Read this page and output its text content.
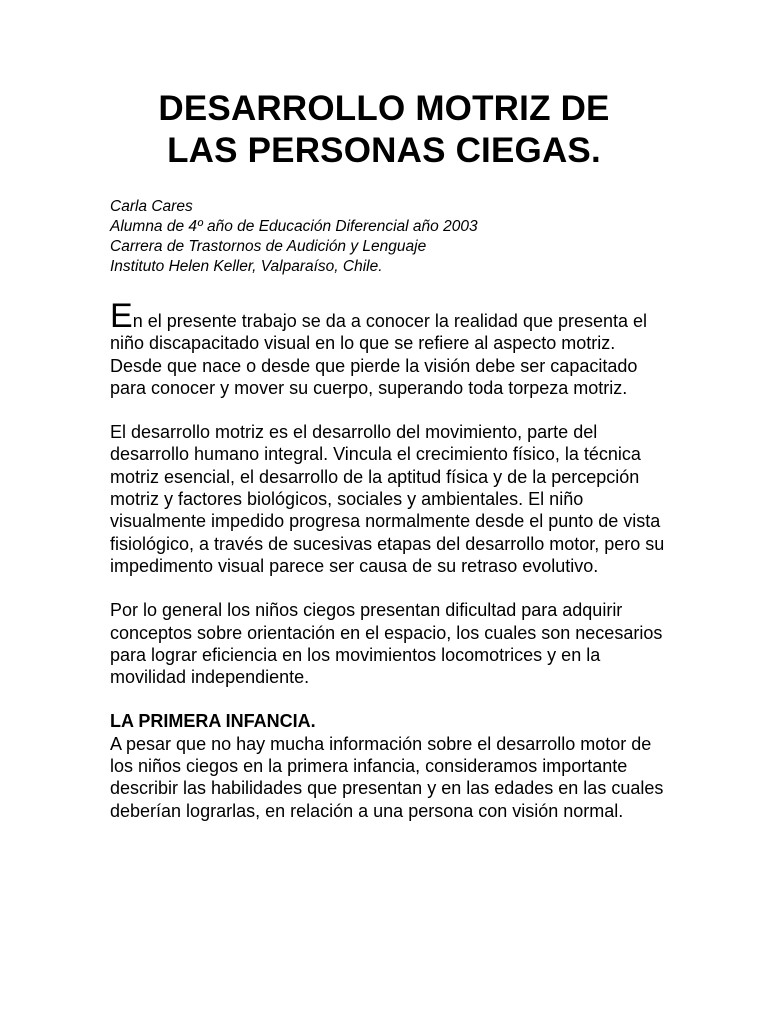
DESARROLLO MOTRIZ DE
LAS PERSONAS CIEGAS.
Carla Cares
Alumna de 4º año de Educación Diferencial año 2003
Carrera de Trastornos de Audición y Lenguaje
Instituto Helen Keller, Valparaíso, Chile.

En el presente trabajo se da a conocer la realidad que presenta el niño discapacitado visual en lo que se refiere al aspecto motriz. Desde que nace o desde que pierde la visión debe ser capacitado para conocer y mover su cuerpo, superando toda torpeza motriz.

El desarrollo motriz es el desarrollo del movimiento, parte del desarrollo humano integral. Vincula el crecimiento físico, la técnica motriz esencial, el desarrollo de la aptitud física y de la percepción motriz y factores biológicos, sociales y ambientales. El niño visualmente impedido progresa normalmente desde el punto de vista fisiológico, a través de sucesivas etapas del desarrollo motor, pero su impedimento visual parece ser causa de su retraso evolutivo.

Por lo general los niños ciegos presentan dificultad para adquirir conceptos sobre orientación en el espacio, los cuales son necesarios para lograr eficiencia en los movimientos locomotrices y en la movilidad independiente.

LA PRIMERA INFANCIA.

A pesar que no hay mucha información sobre el desarrollo motor de los niños ciegos en la primera infancia, consideramos importante describir las habilidades que presentan y en las edades en las cuales deberían lograrlas, en relación a una persona con visión normal.
